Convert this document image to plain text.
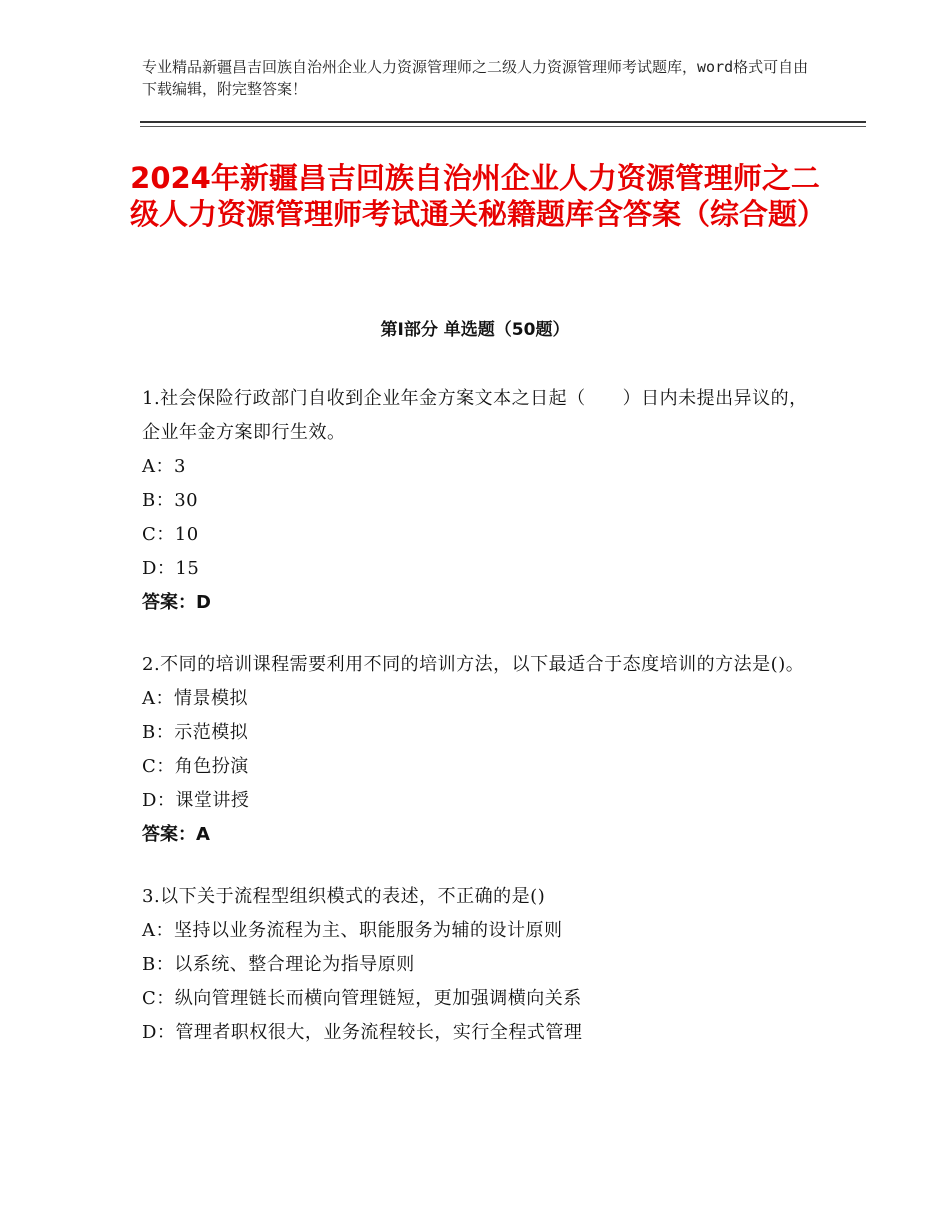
专业精品新疆昌吉回族自治州企业人力资源管理师之二级人力资源管理师考试题库，word格式可自由下载编辑，附完整答案！
2024年新疆昌吉回族自治州企业人力资源管理师之二级人力资源管理师考试通关秘籍题库含答案（综合题）
第Ⅰ部分 单选题（50题）
1.社会保险行政部门自收到企业年金方案文本之日起（　　）日内未提出异议的，企业年金方案即行生效。
A：3
B：30
C：10
D：15
答案：D
2.不同的培训课程需要利用不同的培训方法，以下最适合于态度培训的方法是()。
A：情景模拟
B：示范模拟
C：角色扮演
D：课堂讲授
答案：A
3.以下关于流程型组织模式的表述，不正确的是()
A：坚持以业务流程为主、职能服务为辅的设计原则
B：以系统、整合理论为指导原则
C：纵向管理链长而横向管理链短，更加强调横向关系
D：管理者职权很大，业务流程较长，实行全程式管理
